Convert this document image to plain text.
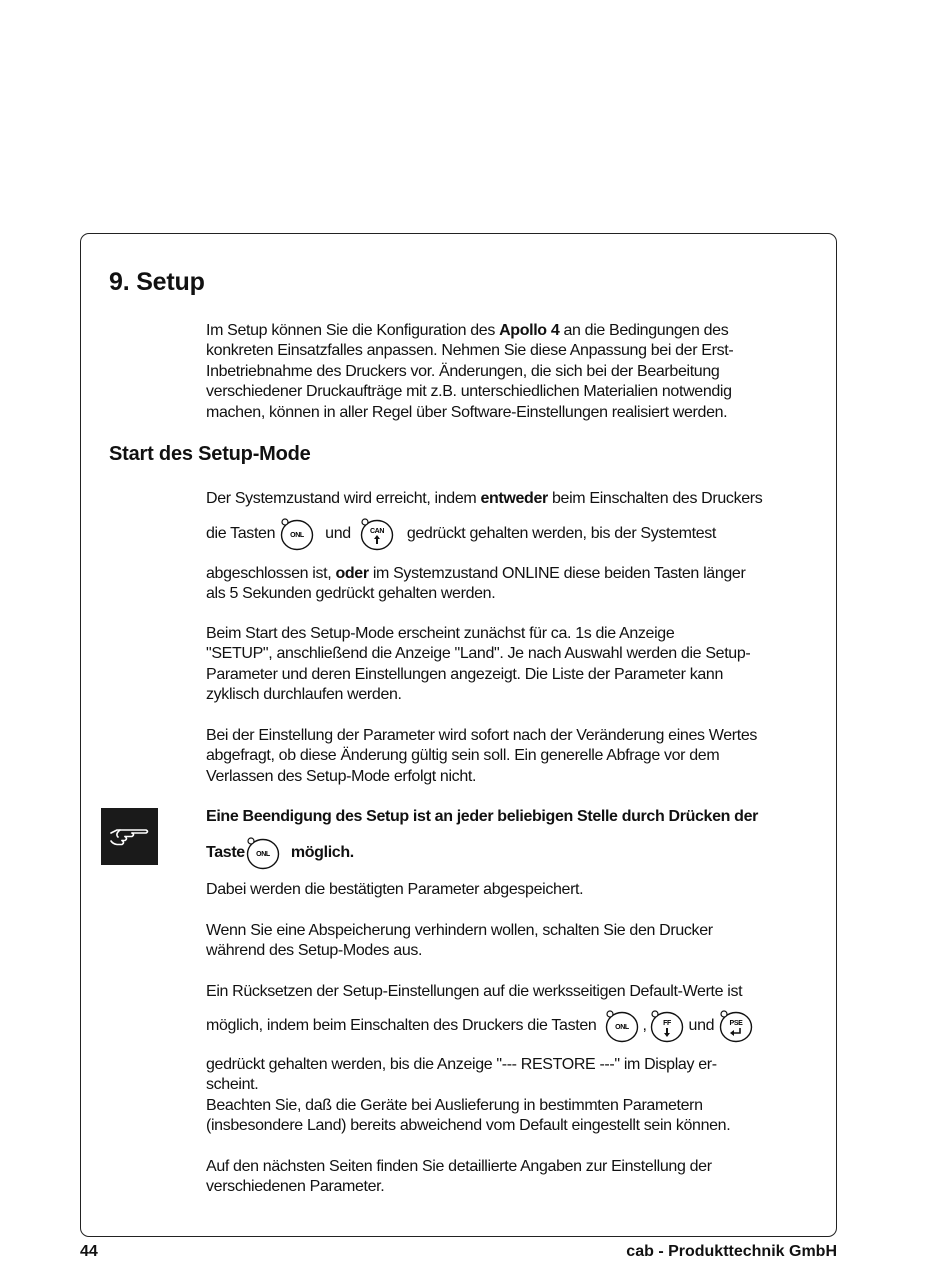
9. Setup

Im Setup können Sie die Konfiguration des Apollo 4 an die Bedingungen des
konkreten Einsatzfalles anpassen. Nehmen Sie diese Anpassung bei der Erst-
Inbetriebnahme des Druckers vor. Änderungen, die sich bei der Bearbeitung
verschiedener Druckaufträge mit z.B. unterschiedlichen Materialien notwendig
machen, können in aller Regel über Software-Einstellungen realisiert werden.

Start des Setup-Mode

Der Systemzustand wird erreicht, indem entweder beim Einschalten des Druckers

die Tasten ONL und	CAN gedrückt gehalten werden, bis der Systemtest

abgeschlossen ist, oder im Systemzustand ONLINE diese beiden Tasten länger
als 5 Sekunden gedrückt gehalten werden.

Beim Start des Setup-Mode erscheint zunächst für ca. 1s die Anzeige
"SETUP", anschließend die Anzeige "Land". Je nach Auswahl werden die Setup-
Parameter und deren Einstellungen angezeigt. Die Liste der Parameter kann
zyklisch durchlaufen werden.

Bei der Einstellung der Parameter wird sofort nach der Veränderung eines Wertes
abgefragt, ob diese Änderung gültig sein soll. Ein generelle Abfrage vor dem
Verlassen des Setup-Mode erfolgt nicht.

Eine Beendigung des Setup ist an jeder beliebigen Stelle durch Drücken der

Taste ONL möglich.

Dabei werden die bestätigten Parameter abgespeichert.

Wenn Sie eine Abspeicherung verhindern wollen, schalten Sie den Drucker
während des Setup-Modes aus.

Ein Rücksetzen der Setup-Einstellungen auf die werksseitigen Default-Werte ist

möglich, indem beim Einschalten des Druckers die Tasten	ONL , FF und PSE

gedrückt gehalten werden, bis die Anzeige "--- RESTORE ---" im Display er-
scheint.
Beachten Sie, daß die Geräte bei Auslieferung in bestimmten Parametern
(insbesondere Land) bereits abweichend vom Default eingestellt sein können.

Auf den nächsten Seiten finden Sie detaillierte Angaben zur Einstellung der
verschiedenen Parameter.

44	cab - Produkttechnik GmbH
